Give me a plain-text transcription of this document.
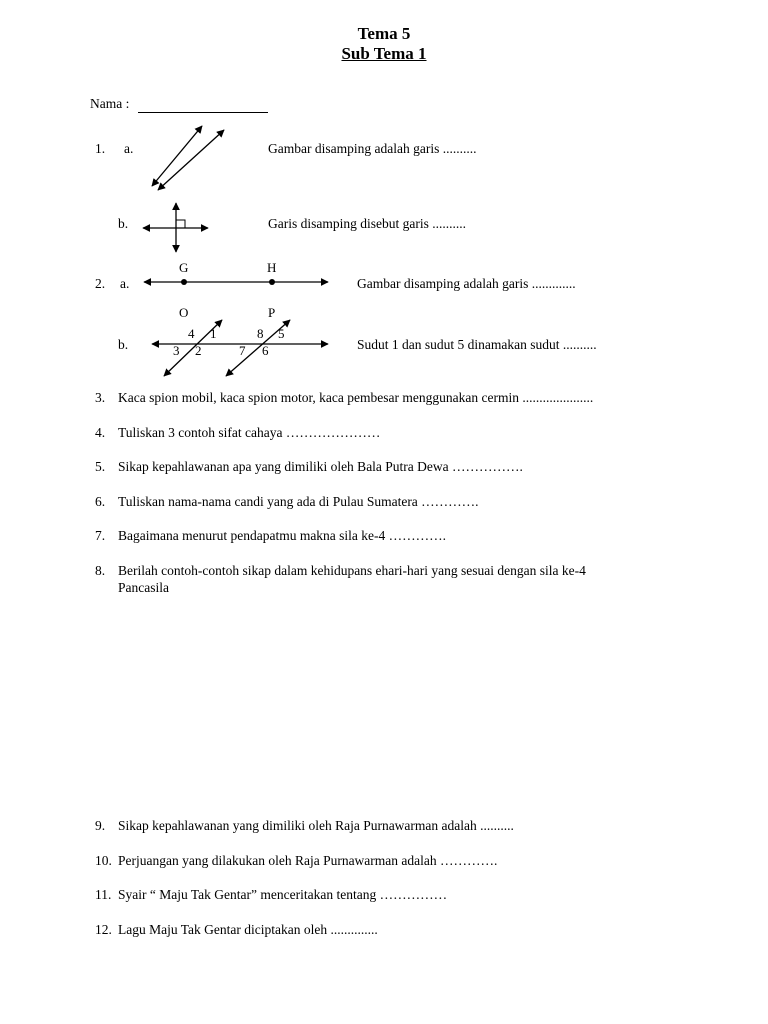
Tema 5
Sub Tema 1
Nama :
1. a.	Gambar disamping adalah garis ..........
b.	Garis disamping disebut garis ..........
2. a.
G	H
Gambar disamping adalah garis .............
b.
O	P
4 1
3 2
8 5
7 6	Sudut 1 dan sudut 5 dinamakan sudut ..........
3. Kaca spion mobil, kaca spion motor, kaca pembesar menggunakan cermin .....................
4. Tuliskan 3 contoh sifat cahaya …………………
5. Sikap kepahlawanan apa yang dimiliki oleh Bala Putra Dewa …………….
6. Tuliskan nama-nama candi yang ada di Pulau Sumatera ………….
7. Bagaimana menurut pendapatmu makna sila ke-4 ………….
8. Berilah contoh-contoh sikap dalam kehidupans ehari-hari yang sesuai dengan sila ke-4
Pancasila
9. Sikap kepahlawanan yang dimiliki oleh Raja Purnawarman adalah ..........
10. Perjuangan yang dilakukan oleh Raja Purnawarman adalah ………….
11. Syair “ Maju Tak Gentar” menceritakan tentang ……………
12. Lagu Maju Tak Gentar diciptakan oleh ..............
